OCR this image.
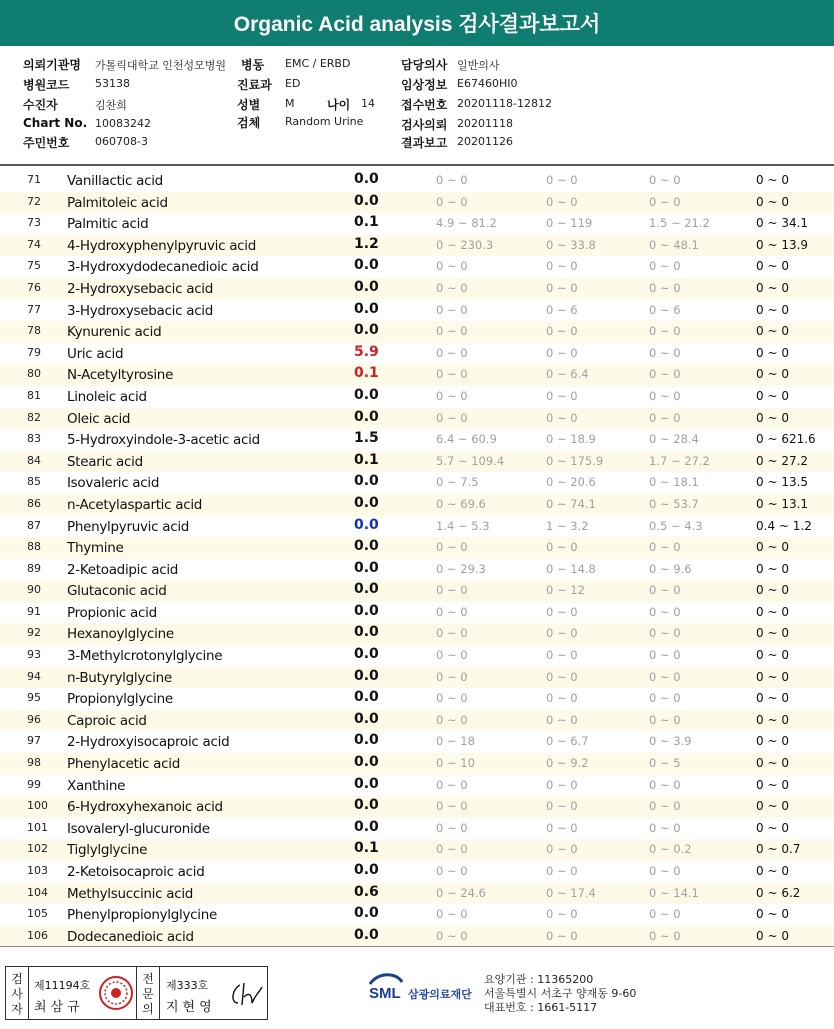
Organic Acid analysis 검사결과보고서
의뢰기관명 가톨릭대학교 인천성모병원 병동 EMC / ERBD	담당의사 일반의사
병원코드 53138	진료과 ED	임상정보 E67460HI0
수진자	김찬희	성별 M	나이 14 접수번호 20201118-12812
Chart No. 10083242	검체 Random Urine	검사의뢰 20201118
주민번호 060708-3	결과보고 20201126
71 Vanillactic acid	0.0	0 ~ 0	0 ~ 0	0 ~ 0	0 ~ 0
72 Palmitoleic acid	0.0	0 ~ 0	0 ~ 0	0 ~ 0	0 ~ 0
73 Palmitic acid	0.1	4.9 ~ 81.2	0 ~ 119	1.5 ~ 21.2	0 ~ 34.1
74 4-Hydroxyphenylpyruvic acid	1.2	0 ~ 230.3	0 ~ 33.8	0 ~ 48.1	0 ~ 13.9
75 3-Hydroxydodecanedioic acid	0.0	0 ~ 0	0 ~ 0	0 ~ 0	0 ~ 0
76 2-Hydroxysebacic acid	0.0	0 ~ 0	0 ~ 0	0 ~ 0	0 ~ 0
77 3-Hydroxysebacic acid	0.0	0 ~ 0	0 ~ 6	0 ~ 6	0 ~ 0
78 Kynurenic acid	0.0	0 ~ 0	0 ~ 0	0 ~ 0	0 ~ 0
79 Uric acid	5.9	0 ~ 0	0 ~ 0	0 ~ 0	0 ~ 0
80 N-Acetyltyrosine	0.1	0 ~ 0	0 ~ 6.4	0 ~ 0	0 ~ 0
81 Linoleic acid	0.0	0 ~ 0	0 ~ 0	0 ~ 0	0 ~ 0
82 Oleic acid	0.0	0 ~ 0	0 ~ 0	0 ~ 0	0 ~ 0
83 5-Hydroxyindole-3-acetic acid	1.5	6.4 ~ 60.9	0 ~ 18.9	0 ~ 28.4	0 ~ 621.6
84 Stearic acid	0.1	5.7 ~ 109.4	0 ~ 175.9	1.7 ~ 27.2	0 ~ 27.2
85 Isovaleric acid	0.0	0 ~ 7.5	0 ~ 20.6	0 ~ 18.1	0 ~ 13.5
86 n-Acetylaspartic acid	0.0	0 ~ 69.6	0 ~ 74.1	0 ~ 53.7	0 ~ 13.1
87 Phenylpyruvic acid	0.0	1.4 ~ 5.3	1 ~ 3.2	0.5 ~ 4.3	0.4 ~ 1.2
88 Thymine	0.0	0 ~ 0	0 ~ 0	0 ~ 0	0 ~ 0
89 2-Ketoadipic acid	0.0	0 ~ 29.3	0 ~ 14.8	0 ~ 9.6	0 ~ 0
90 Glutaconic acid	0.0	0 ~ 0	0 ~ 12	0 ~ 0	0 ~ 0
91 Propionic acid	0.0	0 ~ 0	0 ~ 0	0 ~ 0	0 ~ 0
92 Hexanoylglycine	0.0	0 ~ 0	0 ~ 0	0 ~ 0	0 ~ 0
93 3-Methylcrotonylglycine	0.0	0 ~ 0	0 ~ 0	0 ~ 0	0 ~ 0
94 n-Butyrylglycine	0.0	0 ~ 0	0 ~ 0	0 ~ 0	0 ~ 0
95 Propionylglycine	0.0	0 ~ 0	0 ~ 0	0 ~ 0	0 ~ 0
96 Caproic acid	0.0	0 ~ 0	0 ~ 0	0 ~ 0	0 ~ 0
97 2-Hydroxyisocaproic acid	0.0	0 ~ 18	0 ~ 6.7	0 ~ 3.9	0 ~ 0
98 Phenylacetic acid	0.0	0 ~ 10	0 ~ 9.2	0 ~ 5	0 ~ 0
99 Xanthine	0.0	0 ~ 0	0 ~ 0	0 ~ 0	0 ~ 0
100 6-Hydroxyhexanoic acid	0.0	0 ~ 0	0 ~ 0	0 ~ 0	0 ~ 0
101 Isovaleryl-glucuronide	0.0	0 ~ 0	0 ~ 0	0 ~ 0	0 ~ 0
102 Tiglylglycine	0.1	0 ~ 0	0 ~ 0	0 ~ 0.2	0 ~ 0.7
103 2-Ketoisocaproic acid	0.0	0 ~ 0	0 ~ 0	0 ~ 0	0 ~ 0
104 Methylsuccinic acid	0.6	0 ~ 24.6	0 ~ 17.4	0 ~ 14.1	0 ~ 6.2
105 Phenylpropionylglycine	0.0	0 ~ 0	0 ~ 0	0 ~ 0	0 ~ 0
106 Dodecanedioic acid	0.0	0 ~ 0	0 ~ 0	0 ~ 0	0 ~ 0
검사자
제11194호
최삼규
전문의
제333호
지현영
SML 삼광의료재단
요양기관 : 11365200
서울특별시 서초구 양재동 9-60
대표번호 : 1661-5117
